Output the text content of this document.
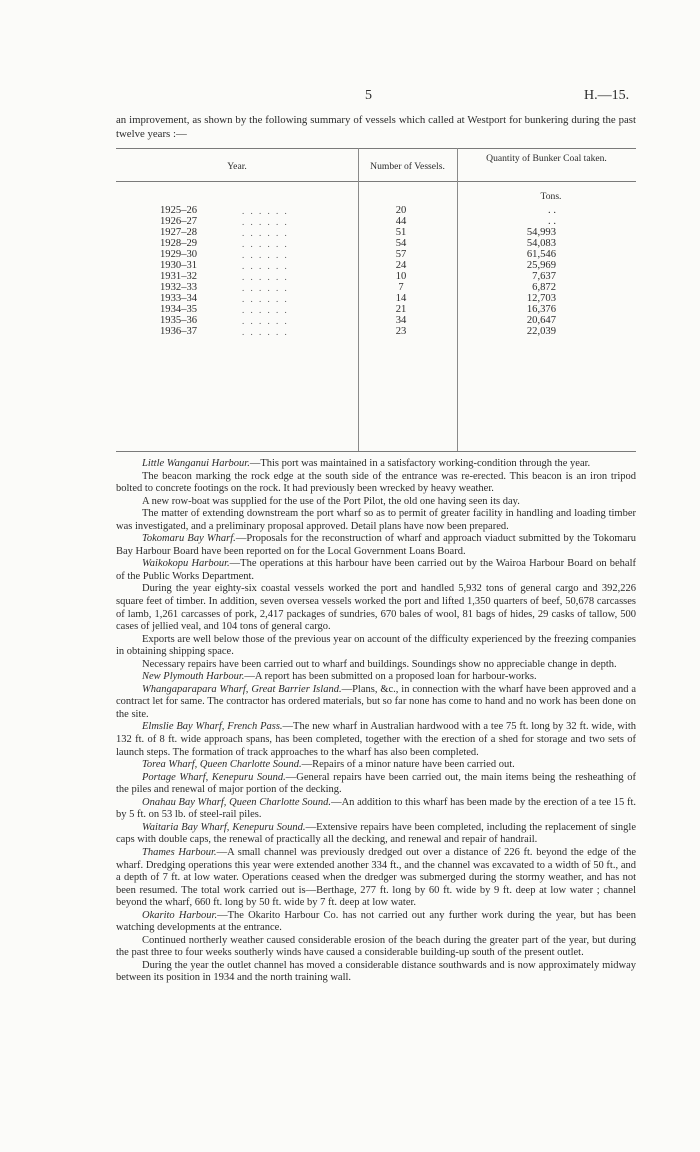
5	H.—15.
an improvement, as shown by the following summary of vessels which called at Westport for bunkering during the past twelve years :—
Year.	Number of Vessels.
Quantity of Bunker Coal taken.
Tons.
1925–26	. . . . . .	20	. .
1926–27	. . . . . .	44	. .
1927–28	. . . . . .	51	54,993
1928–29	. . . . . .	54	54,083
1929–30	. . . . . .	57	61,546
1930–31	. . . . . .	24	25,969
1931–32	. . . . . .	10	7,637
1932–33	. . . . . .	7	6,872
1933–34	. . . . . .	14	12,703
1934–35	. . . . . .	21	16,376
1935–36	. . . . . .	34	20,647
1936–37	. . . . . .	23	22,039

Little Wanganui Harbour.—This port was maintained in a satisfactory working-condition through the year.

The beacon marking the rock edge at the south side of the entrance was re-erected. This beacon is an iron tripod bolted to concrete footings on the rock. It had previously been wrecked by heavy weather.

A new row-boat was supplied for the use of the Port Pilot, the old one having seen its day.

The matter of extending downstream the port wharf so as to permit of greater facility in handling and loading timber was investigated, and a preliminary proposal approved. Detail plans have now been prepared.

Tokomaru Bay Wharf.—Proposals for the reconstruction of wharf and approach viaduct submitted by the Tokomaru Bay Harbour Board have been reported on for the Local Government Loans Board.

Waikokopu Harbour.—The operations at this harbour have been carried out by the Wairoa Harbour Board on behalf of the Public Works Department.

During the year eighty-six coastal vessels worked the port and handled 5,932 tons of general cargo and 392,226 square feet of timber. In addition, seven oversea vessels worked the port and lifted 1,350 quarters of beef, 50,678 carcasses of lamb, 1,261 carcasses of pork, 2,417 packages of sundries, 670 bales of wool, 81 bags of hides, 29 casks of tallow, 500 cases of jellied veal, and 104 tons of general cargo.

Exports are well below those of the previous year on account of the difficulty experienced by the freezing companies in obtaining shipping space.

Necessary repairs have been carried out to wharf and buildings. Soundings show no appreciable change in depth.

New Plymouth Harbour.—A report has been submitted on a proposed loan for harbour-works.

Whangaparapara Wharf, Great Barrier Island.—Plans, &c., in connection with the wharf have been approved and a contract let for same. The contractor has ordered materials, but so far none has come to hand and no work has been done on the site.

Elmslie Bay Wharf, French Pass.—The new wharf in Australian hardwood with a tee 75 ft. long by 32 ft. wide, with 132 ft. of 8 ft. wide approach spans, has been completed, together with the erection of a shed for storage and two sets of launch steps. The formation of track approaches to the wharf has also been completed.

Torea Wharf, Queen Charlotte Sound.—Repairs of a minor nature have been carried out.

Portage Wharf, Kenepuru Sound.—General repairs have been carried out, the main items being the resheathing of the piles and renewal of major portion of the decking.

Onahau Bay Wharf, Queen Charlotte Sound.—An addition to this wharf has been made by the erection of a tee 15 ft. by 5 ft. on 53 lb. of steel-rail piles.

Waitaria Bay Wharf, Kenepuru Sound.—Extensive repairs have been completed, including the replacement of single caps with double caps, the renewal of practically all the decking, and renewal and repair of handrail.

Thames Harbour.—A small channel was previously dredged out over a distance of 226 ft. beyond the edge of the wharf. Dredging operations this year were extended another 334 ft., and the channel was excavated to a width of 50 ft., and a depth of 7 ft. at low water. Operations ceased when the dredger was submerged during the stormy weather, and has not been resumed. The total work carried out is—Berthage, 277 ft. long by 60 ft. wide by 9 ft. deep at low water ; channel beyond the wharf, 660 ft. long by 50 ft. wide by 7 ft. deep at low water.

Okarito Harbour.—The Okarito Harbour Co. has not carried out any further work during the year, but has been watching developments at the entrance.

Continued northerly weather caused considerable erosion of the beach during the greater part of the year, but during the past three to four weeks southerly winds have caused a considerable building-up south of the present outlet.

During the year the outlet channel has moved a considerable distance southwards and is now approximately midway between its position in 1934 and the north training wall.
